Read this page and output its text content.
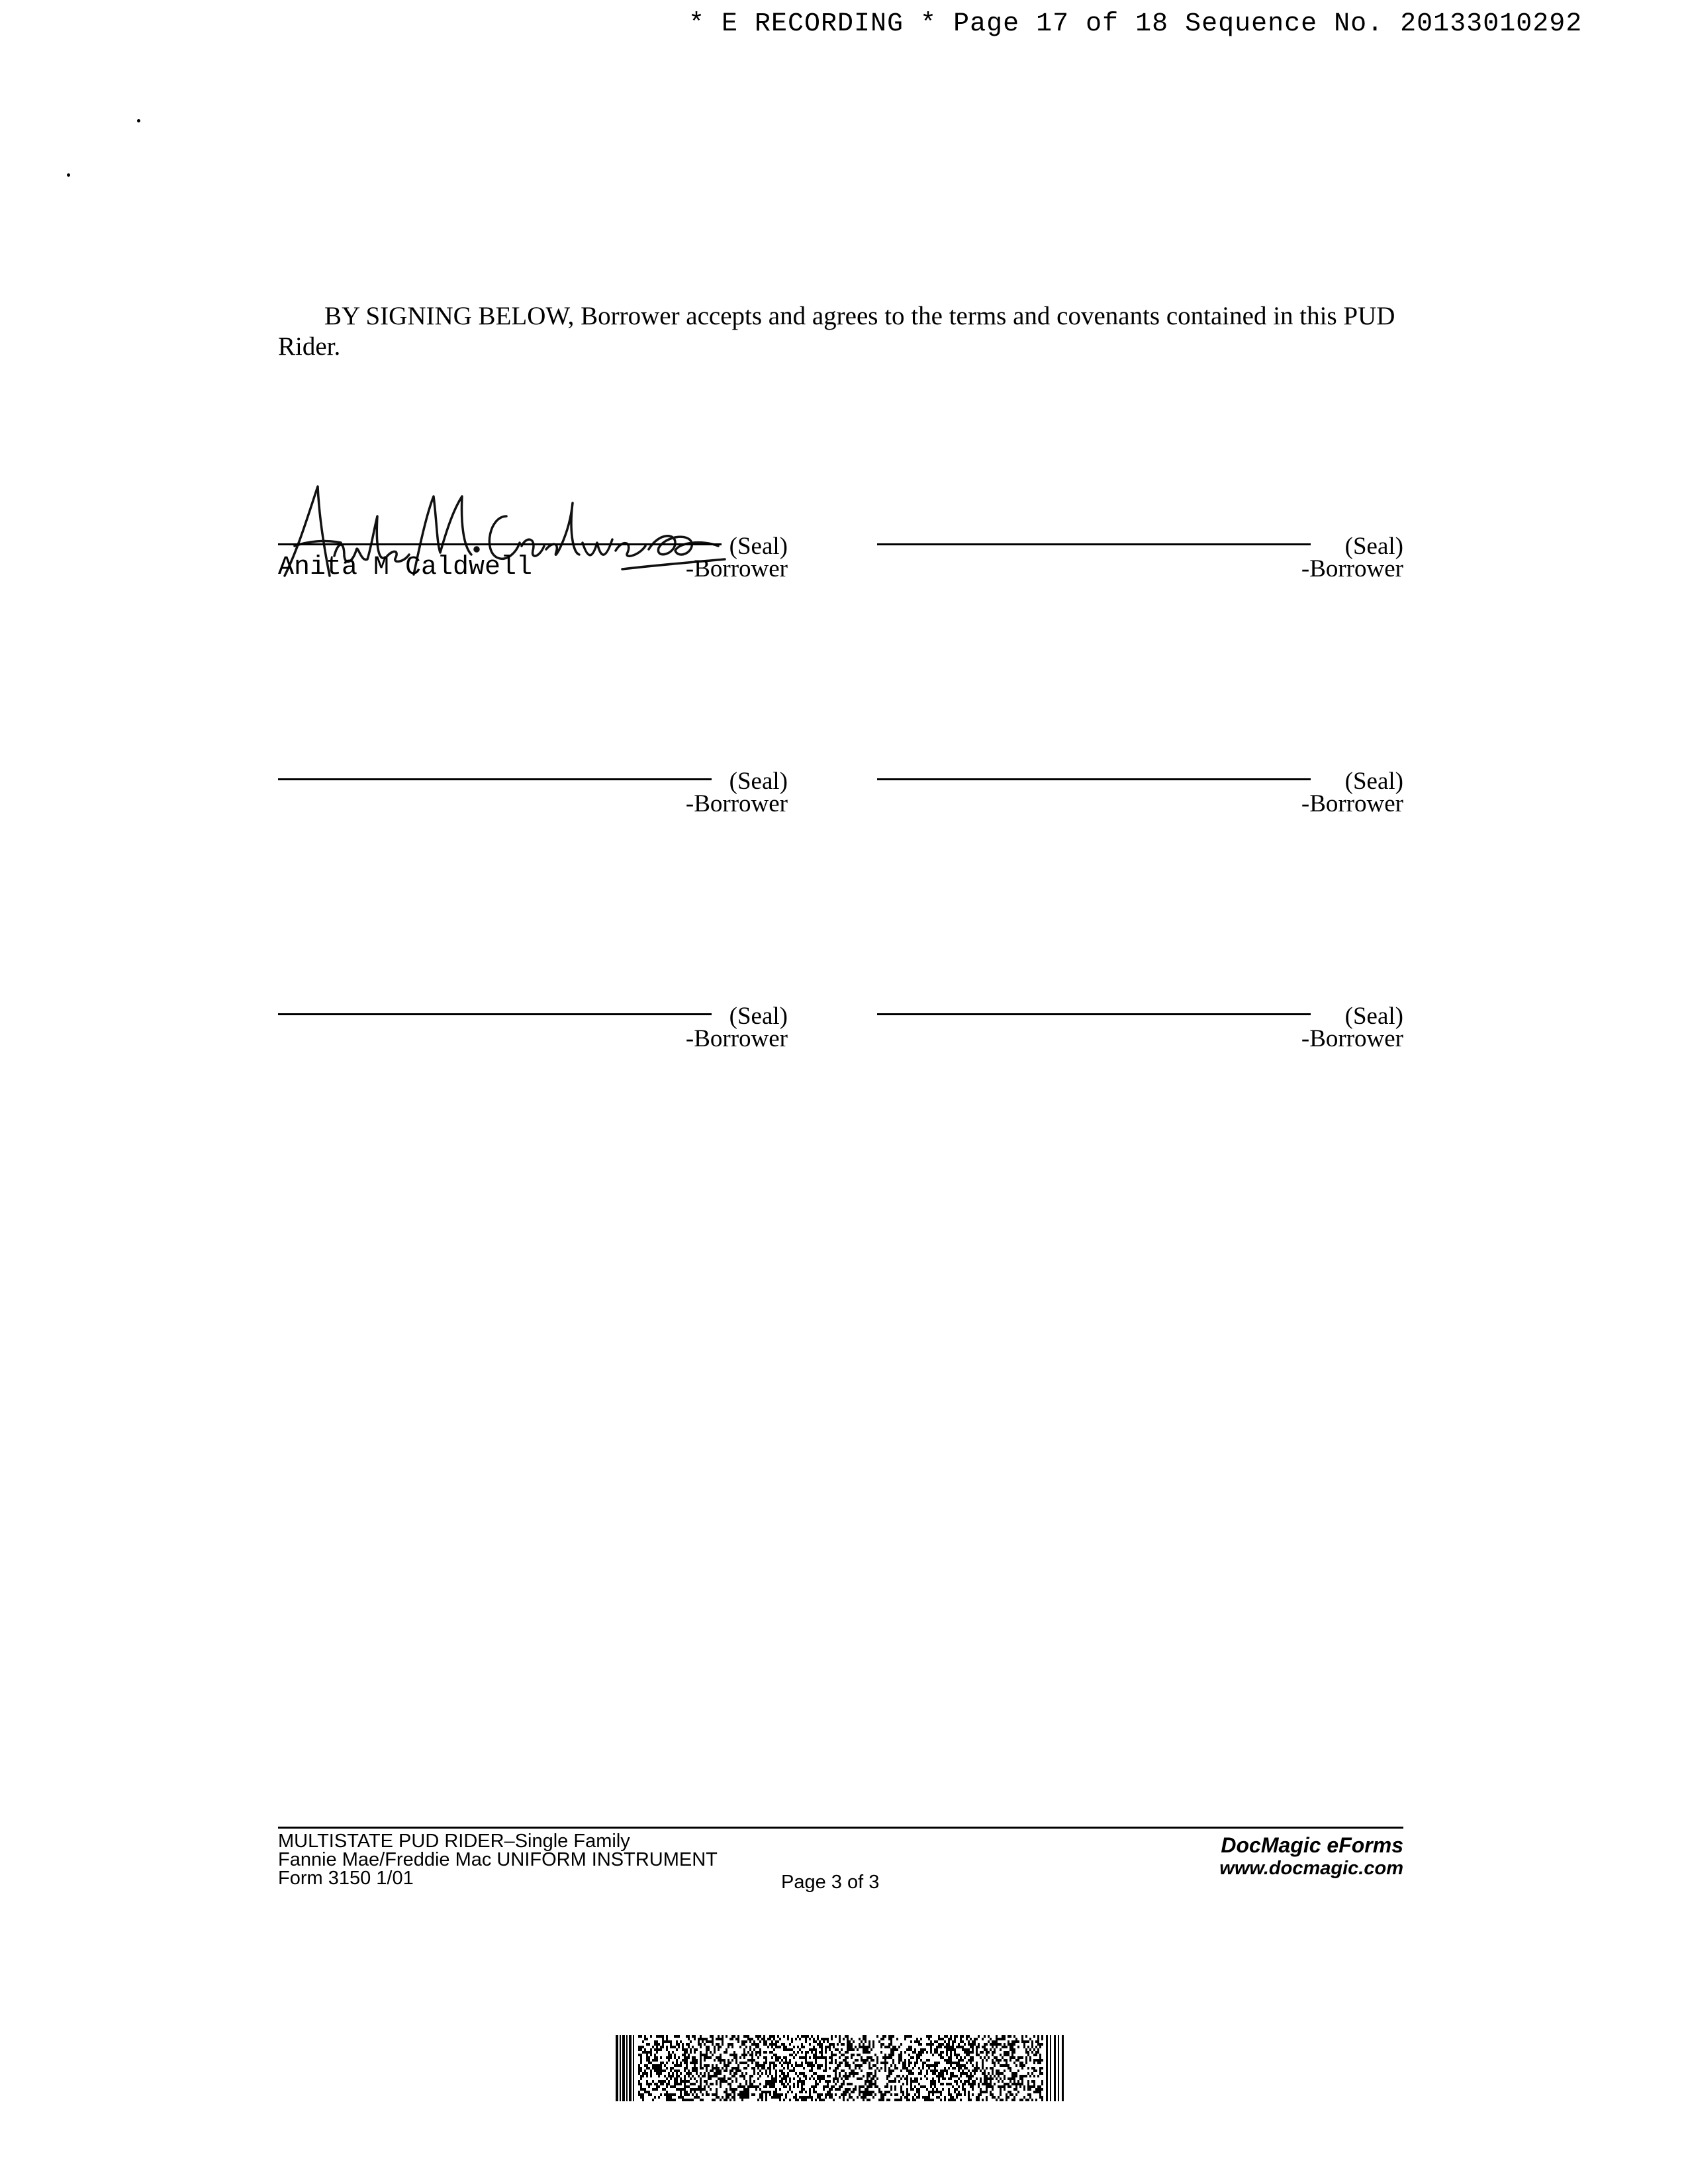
* E RECORDING * Page 17 of 18 Sequence No. 20133010292
BY SIGNING BELOW, Borrower accepts and agrees to the terms and covenants contained in this PUD Rider.
Anita M Caldwell
(Seal)
-Borrower
(Seal)
-Borrower
(Seal)
-Borrower
(Seal)
-Borrower
(Seal)
-Borrower
(Seal)
-Borrower
MULTISTATE PUD RIDER–Single Family
Fannie Mae/Freddie Mac UNIFORM INSTRUMENT
Form 3150 1/01	Page 3 of 3
DocMagic eForms
www.docmagic.com
